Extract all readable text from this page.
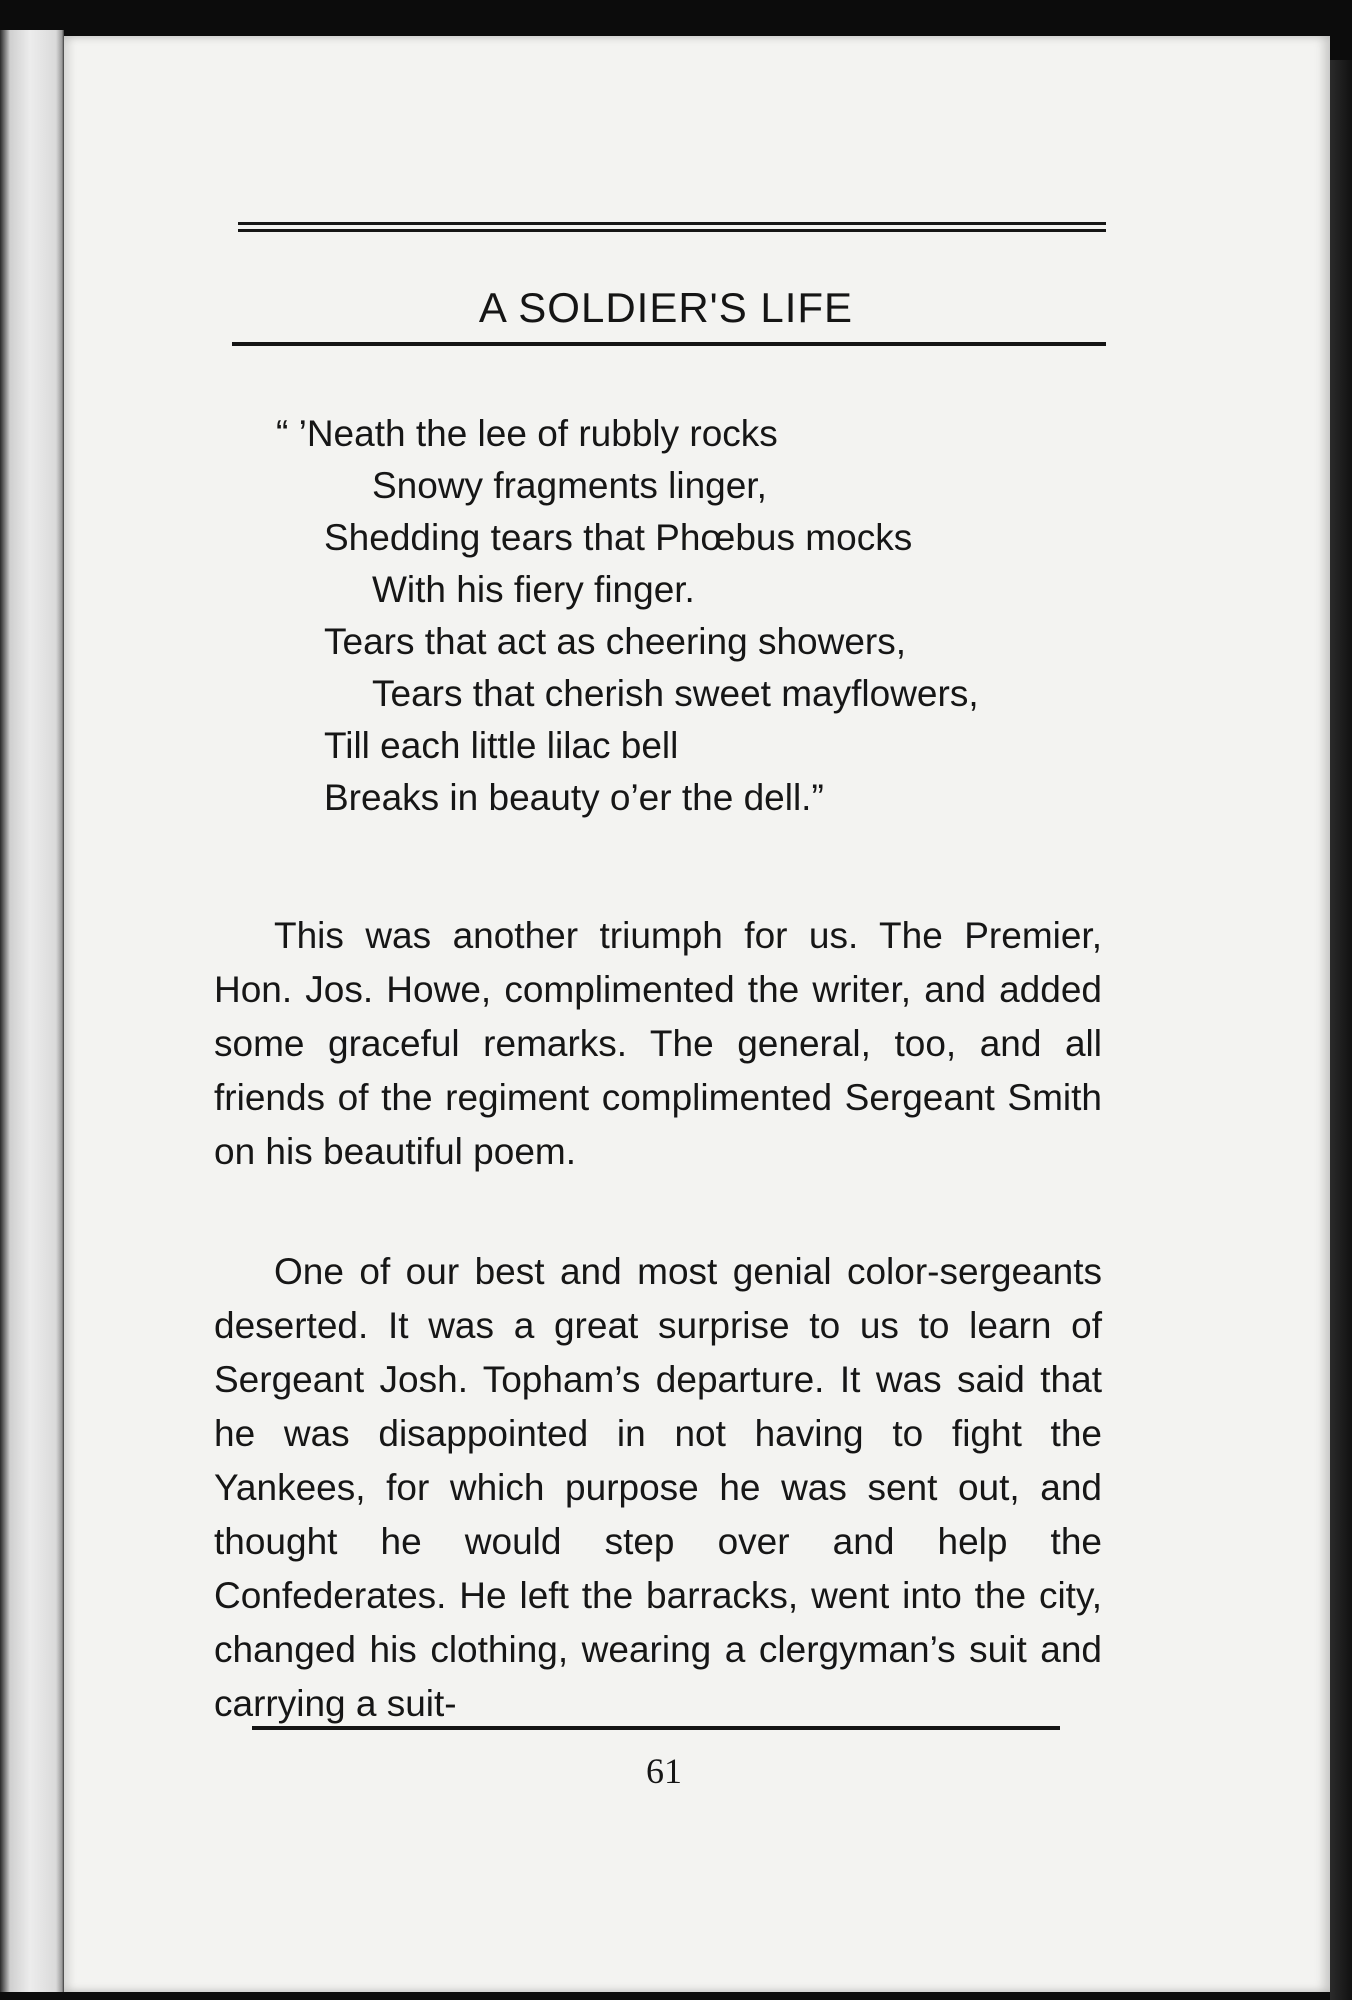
A SOLDIER'S LIFE
“ ’Neath the lee of rubbly rocks
Snowy fragments linger,
Shedding tears that Phœbus mocks
With his fiery finger.
Tears that act as cheering showers,
Tears that cherish sweet mayflowers,
Till each little lilac bell
Breaks in beauty o’er the dell.”

This was another triumph for us. The Premier, Hon. Jos. Howe, complimented the writer, and added some graceful remarks. The general, too, and all friends of the regiment complimented Sergeant Smith on his beautiful poem.

One of our best and most genial color-sergeants deserted. It was a great surprise to us to learn of Sergeant Josh. Topham’s departure. It was said that he was disappointed in not having to fight the Yankees, for which purpose he was sent out, and thought he would step over and help the Confederates. He left the barracks, went into the city, changed his clothing, wearing a clergyman’s suit and carrying a suit-

61
